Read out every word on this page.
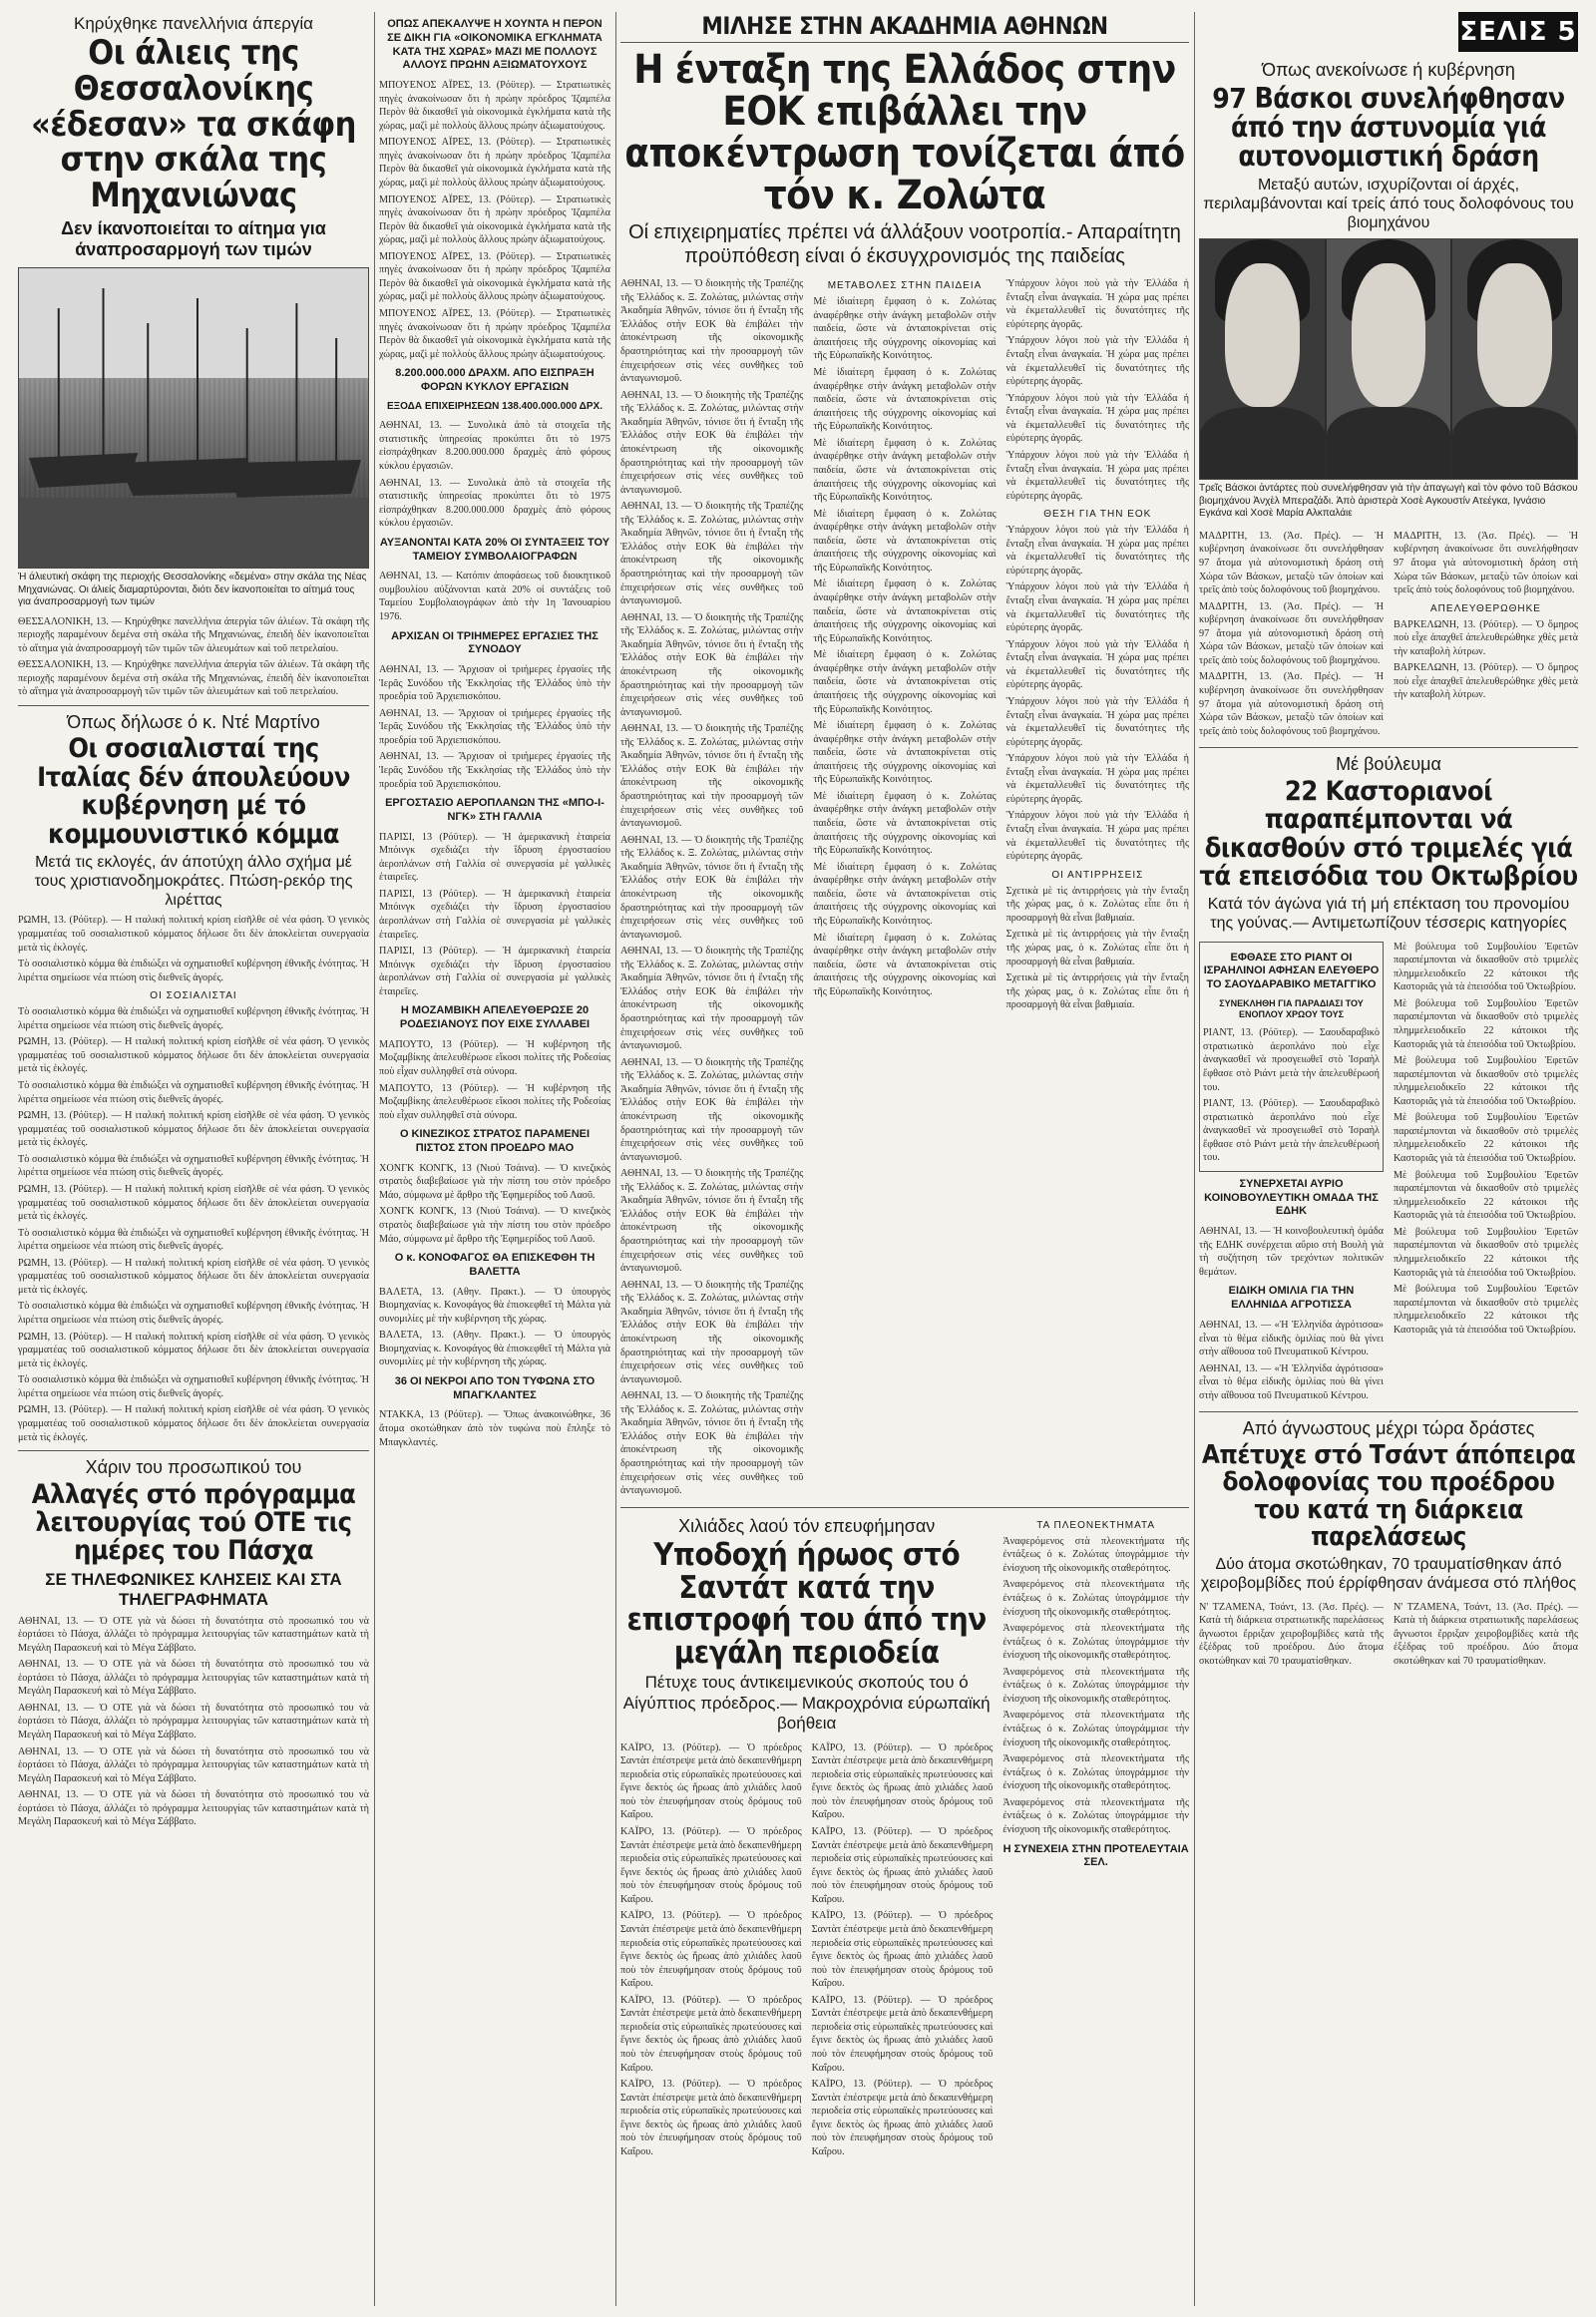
Κηρύχθηκε πανελλήνια άπεργία
Οι άλιεις της Θεσσαλονίκης «έδεσαν» τα σκάφη στην σκάλα της Μηχανιώνας
Δεν ίκανοποιείται το αίτημα για άναπροσαρμογή των τιμών
Ή άλιευτική σκάφη της περιοχής Θεσσαλονίκης «δεμένα» στην σκάλα της Νέας Μηχανιώνας. Οι άλιείς διαμαρτύρονται, διότι δεν ίκανοποιείται το αίτημά τους για άναπροσαρμογή των τιμών
ΘΕΣΣΑΛΟΝΙΚΗ, 13. — Κηρύχθηκε πανελλήνια άπεργία τῶν άλιέων. Τὰ σκάφη τῆς περιοχῆς παραμένουν δεμένα στὴ σκάλα τῆς Μηχανιώνας, ἐπειδὴ δὲν ίκανοποιεῖται τὸ αἴτημα γιὰ ἀναπροσαρμογὴ τῶν τιμῶν τῶν ἀλιευμάτων καὶ τοῦ πετρελαίου.
ΘΕΣΣΑΛΟΝΙΚΗ, 13. — Κηρύχθηκε πανελλήνια άπεργία τῶν άλιέων. Τὰ σκάφη τῆς περιοχῆς παραμένουν δεμένα στὴ σκάλα τῆς Μηχανιώνας, ἐπειδὴ δὲν ίκανοποιεῖται τὸ αἴτημα γιὰ ἀναπροσαρμογὴ τῶν τιμῶν τῶν ἀλιευμάτων καὶ τοῦ πετρελαίου.
Όπως δήλωσε ό κ. Ντέ Μαρτίνο
Οι σοσιαλισταί της Ιταλίας δέν άπουλεύουν κυβέρνηση μέ τό κομμουνιστικό κόμμα
Μετά τις εκλογές, άν άποτύχη άλλο σχήμα μέ τους χριστιανοδημοκράτες. Πτώση-ρεκόρ της λιρέττας
ΡΩΜΗ, 13. (Ρόϋτερ). — Η ιταλική πολιτική κρίση εἰσῆλθε σὲ νέα φάση. Ὁ γενικὸς γραμματέας τοῦ σοσιαλιστικοῦ κόμματος δήλωσε ὅτι δὲν ἀποκλείεται συνεργασία μετὰ τὶς ἐκλογές.
Τὸ σοσιαλιστικὸ κόμμα θὰ ἐπιδιώξει νὰ σχηματισθεῖ κυβέρνηση ἐθνικῆς ἑνότητας. Ἡ λιρέττα σημείωσε νέα πτώση στὶς διεθνεῖς ἀγορές.
ΟΙ ΣΟΣΙΑΛΙΣΤΑΙ
Τὸ σοσιαλιστικὸ κόμμα θὰ ἐπιδιώξει νὰ σχηματισθεῖ κυβέρνηση ἐθνικῆς ἑνότητας. Ἡ λιρέττα σημείωσε νέα πτώση στὶς διεθνεῖς ἀγορές.
ΡΩΜΗ, 13. (Ρόϋτερ). — Η ιταλική πολιτική κρίση εἰσῆλθε σὲ νέα φάση. Ὁ γενικὸς γραμματέας τοῦ σοσιαλιστικοῦ κόμματος δήλωσε ὅτι δὲν ἀποκλείεται συνεργασία μετὰ τὶς ἐκλογές.
Τὸ σοσιαλιστικὸ κόμμα θὰ ἐπιδιώξει νὰ σχηματισθεῖ κυβέρνηση ἐθνικῆς ἑνότητας. Ἡ λιρέττα σημείωσε νέα πτώση στὶς διεθνεῖς ἀγορές.
ΡΩΜΗ, 13. (Ρόϋτερ). — Η ιταλική πολιτική κρίση εἰσῆλθε σὲ νέα φάση. Ὁ γενικὸς γραμματέας τοῦ σοσιαλιστικοῦ κόμματος δήλωσε ὅτι δὲν ἀποκλείεται συνεργασία μετὰ τὶς ἐκλογές.
Τὸ σοσιαλιστικὸ κόμμα θὰ ἐπιδιώξει νὰ σχηματισθεῖ κυβέρνηση ἐθνικῆς ἑνότητας. Ἡ λιρέττα σημείωσε νέα πτώση στὶς διεθνεῖς ἀγορές.
ΡΩΜΗ, 13. (Ρόϋτερ). — Η ιταλική πολιτική κρίση εἰσῆλθε σὲ νέα φάση. Ὁ γενικὸς γραμματέας τοῦ σοσιαλιστικοῦ κόμματος δήλωσε ὅτι δὲν ἀποκλείεται συνεργασία μετὰ τὶς ἐκλογές.
Τὸ σοσιαλιστικὸ κόμμα θὰ ἐπιδιώξει νὰ σχηματισθεῖ κυβέρνηση ἐθνικῆς ἑνότητας. Ἡ λιρέττα σημείωσε νέα πτώση στὶς διεθνεῖς ἀγορές.
ΡΩΜΗ, 13. (Ρόϋτερ). — Η ιταλική πολιτική κρίση εἰσῆλθε σὲ νέα φάση. Ὁ γενικὸς γραμματέας τοῦ σοσιαλιστικοῦ κόμματος δήλωσε ὅτι δὲν ἀποκλείεται συνεργασία μετὰ τὶς ἐκλογές.
Τὸ σοσιαλιστικὸ κόμμα θὰ ἐπιδιώξει νὰ σχηματισθεῖ κυβέρνηση ἐθνικῆς ἑνότητας. Ἡ λιρέττα σημείωσε νέα πτώση στὶς διεθνεῖς ἀγορές.
ΡΩΜΗ, 13. (Ρόϋτερ). — Η ιταλική πολιτική κρίση εἰσῆλθε σὲ νέα φάση. Ὁ γενικὸς γραμματέας τοῦ σοσιαλιστικοῦ κόμματος δήλωσε ὅτι δὲν ἀποκλείεται συνεργασία μετὰ τὶς ἐκλογές.
Τὸ σοσιαλιστικὸ κόμμα θὰ ἐπιδιώξει νὰ σχηματισθεῖ κυβέρνηση ἐθνικῆς ἑνότητας. Ἡ λιρέττα σημείωσε νέα πτώση στὶς διεθνεῖς ἀγορές.
ΡΩΜΗ, 13. (Ρόϋτερ). — Η ιταλική πολιτική κρίση εἰσῆλθε σὲ νέα φάση. Ὁ γενικὸς γραμματέας τοῦ σοσιαλιστικοῦ κόμματος δήλωσε ὅτι δὲν ἀποκλείεται συνεργασία μετὰ τὶς ἐκλογές.
Χάριν του προσωπικού του
Αλλαγές στό πρόγραμμα λειτουργίας τού ΟΤΕ τις ημέρες του Πάσχα
ΣΕ ΤΗΛΕΦΩΝΙΚΕΣ ΚΛΗΣΕΙΣ ΚΑΙ ΣΤΑ ΤΗΛΕΓΡΑΦΗΜΑΤΑ
ΑΘΗΝΑΙ, 13. — Ὁ ΟΤΕ γιὰ νὰ δώσει τὴ δυνατότητα στὸ προσωπικό του νὰ ἑορτάσει τὸ Πάσχα, ἀλλάζει τὸ πρόγραμμα λειτουργίας τῶν καταστημάτων κατὰ τὴ Μεγάλη Παρασκευή καὶ τὸ Μέγα Σάββατο.
ΑΘΗΝΑΙ, 13. — Ὁ ΟΤΕ γιὰ νὰ δώσει τὴ δυνατότητα στὸ προσωπικό του νὰ ἑορτάσει τὸ Πάσχα, ἀλλάζει τὸ πρόγραμμα λειτουργίας τῶν καταστημάτων κατὰ τὴ Μεγάλη Παρασκευή καὶ τὸ Μέγα Σάββατο.
ΑΘΗΝΑΙ, 13. — Ὁ ΟΤΕ γιὰ νὰ δώσει τὴ δυνατότητα στὸ προσωπικό του νὰ ἑορτάσει τὸ Πάσχα, ἀλλάζει τὸ πρόγραμμα λειτουργίας τῶν καταστημάτων κατὰ τὴ Μεγάλη Παρασκευή καὶ τὸ Μέγα Σάββατο.
ΑΘΗΝΑΙ, 13. — Ὁ ΟΤΕ γιὰ νὰ δώσει τὴ δυνατότητα στὸ προσωπικό του νὰ ἑορτάσει τὸ Πάσχα, ἀλλάζει τὸ πρόγραμμα λειτουργίας τῶν καταστημάτων κατὰ τὴ Μεγάλη Παρασκευή καὶ τὸ Μέγα Σάββατο.
ΑΘΗΝΑΙ, 13. — Ὁ ΟΤΕ γιὰ νὰ δώσει τὴ δυνατότητα στὸ προσωπικό του νὰ ἑορτάσει τὸ Πάσχα, ἀλλάζει τὸ πρόγραμμα λειτουργίας τῶν καταστημάτων κατὰ τὴ Μεγάλη Παρασκευή καὶ τὸ Μέγα Σάββατο.
ΟΠΩΣ ΑΠΕΚΑΛΥΨΕ Η ΧΟΥΝΤΑ Η ΠΕΡΟΝ ΣΕ ΔΙΚΗ ΓΙΑ «ΟΙΚΟΝΟΜΙΚΑ ΕΓΚΛΗΜΑΤΑ ΚΑΤΑ ΤΗΣ ΧΩΡΑΣ» ΜΑΖΙ ΜΕ ΠΟΛΛΟΥΣ ΑΛΛΟΥΣ ΠΡΩΗΝ ΑΞΙΩΜΑΤΟΥΧΟΥΣ
ΜΠΟΥΕΝΟΣ ΑΪΡΕΣ, 13. (Ρόϋτερ). — Στρατιωτικὲς πηγὲς ἀνακοίνωσαν ὅτι ἡ πρώην πρόεδρος Ἰζαμπέλα Περὸν θὰ δικασθεῖ γιὰ οἰκονομικὰ ἐγκλήματα κατὰ τῆς χώρας, μαζὶ μὲ πολλοὺς ἄλλους πρώην ἀξιωματούχους.
ΜΠΟΥΕΝΟΣ ΑΪΡΕΣ, 13. (Ρόϋτερ). — Στρατιωτικὲς πηγὲς ἀνακοίνωσαν ὅτι ἡ πρώην πρόεδρος Ἰζαμπέλα Περὸν θὰ δικασθεῖ γιὰ οἰκονομικὰ ἐγκλήματα κατὰ τῆς χώρας, μαζὶ μὲ πολλοὺς ἄλλους πρώην ἀξιωματούχους.
ΜΠΟΥΕΝΟΣ ΑΪΡΕΣ, 13. (Ρόϋτερ). — Στρατιωτικὲς πηγὲς ἀνακοίνωσαν ὅτι ἡ πρώην πρόεδρος Ἰζαμπέλα Περὸν θὰ δικασθεῖ γιὰ οἰκονομικὰ ἐγκλήματα κατὰ τῆς χώρας, μαζὶ μὲ πολλοὺς ἄλλους πρώην ἀξιωματούχους.
ΜΠΟΥΕΝΟΣ ΑΪΡΕΣ, 13. (Ρόϋτερ). — Στρατιωτικὲς πηγὲς ἀνακοίνωσαν ὅτι ἡ πρώην πρόεδρος Ἰζαμπέλα Περὸν θὰ δικασθεῖ γιὰ οἰκονομικὰ ἐγκλήματα κατὰ τῆς χώρας, μαζὶ μὲ πολλοὺς ἄλλους πρώην ἀξιωματούχους.
ΜΠΟΥΕΝΟΣ ΑΪΡΕΣ, 13. (Ρόϋτερ). — Στρατιωτικὲς πηγὲς ἀνακοίνωσαν ὅτι ἡ πρώην πρόεδρος Ἰζαμπέλα Περὸν θὰ δικασθεῖ γιὰ οἰκονομικὰ ἐγκλήματα κατὰ τῆς χώρας, μαζὶ μὲ πολλοὺς ἄλλους πρώην ἀξιωματούχους.
8.200.000.000 ΔΡΑΧΜ. ΑΠΟ ΕΙΣΠΡΑΞΗ ΦΟΡΩΝ ΚΥΚΛΟΥ ΕΡΓΑΣΙΩΝ
ΕΞΟΔΑ ΕΠΙΧΕΙΡΗΣΕΩΝ 138.400.000.000 ΔΡΧ.
ΑΘΗΝΑΙ, 13. — Συνολικὰ ἀπὸ τὰ στοιχεῖα τῆς στατιστικῆς ὑπηρεσίας προκύπτει ὅτι τὸ 1975 εἰσπράχθηκαν 8.200.000.000 δραχμὲς ἀπὸ φόρους κύκλου ἐργασιῶν.
ΑΘΗΝΑΙ, 13. — Συνολικὰ ἀπὸ τὰ στοιχεῖα τῆς στατιστικῆς ὑπηρεσίας προκύπτει ὅτι τὸ 1975 εἰσπράχθηκαν 8.200.000.000 δραχμὲς ἀπὸ φόρους κύκλου ἐργασιῶν.
ΑΥΞΑΝΟΝΤΑΙ ΚΑΤΑ 20% ΟΙ ΣΥΝΤΑΞΕΙΣ ΤΟΥ ΤΑΜΕΙΟΥ ΣΥΜΒΟΛΑΙΟΓΡΑΦΩΝ
ΑΘΗΝΑΙ, 13. — Κατόπιν ἀποφάσεως τοῦ διοικητικοῦ συμβουλίου αὐξάνονται κατὰ 20% οἱ συντάξεις τοῦ Ταμείου Συμβολαιογράφων ἀπὸ τὴν 1η Ἰανουαρίου 1976.
ΑΡΧΙΣΑΝ ΟΙ ΤΡΙΗΜΕΡΕΣ ΕΡΓΑΣΙΕΣ ΤΗΣ ΣΥΝΟΔΟΥ
ΑΘΗΝΑΙ, 13. — Ἄρχισαν οἱ τριήμερες ἐργασίες τῆς Ἱερᾶς Συνόδου τῆς Ἐκκλησίας τῆς Ἑλλάδος ὑπὸ τὴν προεδρία τοῦ Ἀρχιεπισκόπου.
ΑΘΗΝΑΙ, 13. — Ἄρχισαν οἱ τριήμερες ἐργασίες τῆς Ἱερᾶς Συνόδου τῆς Ἐκκλησίας τῆς Ἑλλάδος ὑπὸ τὴν προεδρία τοῦ Ἀρχιεπισκόπου.
ΑΘΗΝΑΙ, 13. — Ἄρχισαν οἱ τριήμερες ἐργασίες τῆς Ἱερᾶς Συνόδου τῆς Ἐκκλησίας τῆς Ἑλλάδος ὑπὸ τὴν προεδρία τοῦ Ἀρχιεπισκόπου.
ΕΡΓΟΣΤΑΣΙΟ ΑΕΡΟΠΛΑΝΩΝ ΤΗΣ «ΜΠΟ-Ι-ΝΓΚ» ΣΤΗ ΓΑΛΛΙΑ
ΠΑΡΙΣΙ, 13 (Ρόϋτερ). — Ἡ ἀμερικανικὴ ἑταιρεία Μπόινγκ σχεδιάζει τὴν ἵδρυση ἐργοστασίου ἀεροπλάνων στὴ Γαλλία σὲ συνεργασία μὲ γαλλικὲς ἑταιρεῖες.
ΠΑΡΙΣΙ, 13 (Ρόϋτερ). — Ἡ ἀμερικανικὴ ἑταιρεία Μπόινγκ σχεδιάζει τὴν ἵδρυση ἐργοστασίου ἀεροπλάνων στὴ Γαλλία σὲ συνεργασία μὲ γαλλικὲς ἑταιρεῖες.
ΠΑΡΙΣΙ, 13 (Ρόϋτερ). — Ἡ ἀμερικανικὴ ἑταιρεία Μπόινγκ σχεδιάζει τὴν ἵδρυση ἐργοστασίου ἀεροπλάνων στὴ Γαλλία σὲ συνεργασία μὲ γαλλικὲς ἑταιρεῖες.
Η ΜΟΖΑΜΒΙΚΗ ΑΠΕΛΕΥΘΕΡΩΣΕ 20 ΡΟΔΕΣΙΑΝΟΥΣ ΠΟΥ ΕΙΧΕ ΣΥΛΛΑΒΕΙ
ΜΑΠΟΥΤΟ, 13 (Ρόϋτερ). — Ἡ κυβέρνηση τῆς Μοζαμβίκης ἀπελευθέρωσε εἴκοσι πολίτες τῆς Ροδεσίας ποὺ εἶχαν συλληφθεῖ στὰ σύνορα.
ΜΑΠΟΥΤΟ, 13 (Ρόϋτερ). — Ἡ κυβέρνηση τῆς Μοζαμβίκης ἀπελευθέρωσε εἴκοσι πολίτες τῆς Ροδεσίας ποὺ εἶχαν συλληφθεῖ στὰ σύνορα.
Ο ΚΙΝΕΖΙΚΟΣ ΣΤΡΑΤΟΣ ΠΑΡΑΜΕΝΕΙ ΠΙΣΤΟΣ ΣΤΟΝ ΠΡΟΕΔΡΟ ΜΑΟ
ΧΟΝΓΚ ΚΟΝΓΚ, 13 (Νιού Τσάινα). — Ὁ κινεζικὸς στρατὸς διαβεβαίωσε γιὰ τὴν πίστη του στὸν πρόεδρο Μάο, σύμφωνα μὲ ἄρθρο τῆς Ἐφημερίδος τοῦ Λαοῦ.
ΧΟΝΓΚ ΚΟΝΓΚ, 13 (Νιού Τσάινα). — Ὁ κινεζικὸς στρατὸς διαβεβαίωσε γιὰ τὴν πίστη του στὸν πρόεδρο Μάο, σύμφωνα μὲ ἄρθρο τῆς Ἐφημερίδος τοῦ Λαοῦ.
Ο κ. ΚΟΝΟΦΑΓΟΣ ΘΑ ΕΠΙΣΚΕΦΘΗ ΤΗ ΒΑΛΕΤΤΑ
ΒΑΛΕΤΑ, 13. (Αθην. Πρακτ.). — Ὁ ὑπουργὸς Βιομηχανίας κ. Κονοφάγος θὰ ἐπισκεφθεῖ τὴ Μάλτα γιὰ συνομιλίες μὲ τὴν κυβέρνηση τῆς χώρας.
ΒΑΛΕΤΑ, 13. (Αθην. Πρακτ.). — Ὁ ὑπουργὸς Βιομηχανίας κ. Κονοφάγος θὰ ἐπισκεφθεῖ τὴ Μάλτα γιὰ συνομιλίες μὲ τὴν κυβέρνηση τῆς χώρας.
36 ΟΙ ΝΕΚΡΟΙ ΑΠΟ ΤΟΝ ΤΥΦΩΝΑ ΣΤΟ ΜΠΑΓΚΛΑΝΤΕΣ
ΝΤΑΚΚΑ, 13 (Ρόϋτερ). — Ὅπως ἀνακοινώθηκε, 36 ἄτομα σκοτώθηκαν ἀπὸ τὸν τυφώνα ποὺ ἔπληξε τὸ Μπαγκλαντές.
ΜΙΛΗΣΕ ΣΤΗΝ ΑΚΑΔΗΜΙΑ ΑΘΗΝΩΝ
Η ένταξη της Ελλάδος στην ΕΟΚ επιβάλλει την αποκέντρωση τονίζεται άπό τόν κ. Ζολώτα
Οί επιχειρηματίες πρέπει νά άλλάξουν νοοτροπία.- Απαραίτητη προϋπόθεση είναι ό έκσυγχρονισμός της παιδείας
ΑΘΗΝΑΙ, 13. — Ὁ διοικητὴς τῆς Τραπέζης τῆς Ἑλλάδος κ. Ξ. Ζολώτας, μιλώντας στὴν Ἀκαδημία Ἀθηνῶν, τόνισε ὅτι ἡ ἔνταξη τῆς Ἑλλάδος στὴν ΕΟΚ θὰ ἐπιβάλει τὴν ἀποκέντρωση τῆς οἰκονομικῆς δραστηριότητας καὶ τὴν προσαρμογὴ τῶν ἐπιχειρήσεων στὶς νέες συνθῆκες τοῦ ἀνταγωνισμοῦ.
ΑΘΗΝΑΙ, 13. — Ὁ διοικητὴς τῆς Τραπέζης τῆς Ἑλλάδος κ. Ξ. Ζολώτας, μιλώντας στὴν Ἀκαδημία Ἀθηνῶν, τόνισε ὅτι ἡ ἔνταξη τῆς Ἑλλάδος στὴν ΕΟΚ θὰ ἐπιβάλει τὴν ἀποκέντρωση τῆς οἰκονομικῆς δραστηριότητας καὶ τὴν προσαρμογὴ τῶν ἐπιχειρήσεων στὶς νέες συνθῆκες τοῦ ἀνταγωνισμοῦ.
ΑΘΗΝΑΙ, 13. — Ὁ διοικητὴς τῆς Τραπέζης τῆς Ἑλλάδος κ. Ξ. Ζολώτας, μιλώντας στὴν Ἀκαδημία Ἀθηνῶν, τόνισε ὅτι ἡ ἔνταξη τῆς Ἑλλάδος στὴν ΕΟΚ θὰ ἐπιβάλει τὴν ἀποκέντρωση τῆς οἰκονομικῆς δραστηριότητας καὶ τὴν προσαρμογὴ τῶν ἐπιχειρήσεων στὶς νέες συνθῆκες τοῦ ἀνταγωνισμοῦ.
ΑΘΗΝΑΙ, 13. — Ὁ διοικητὴς τῆς Τραπέζης τῆς Ἑλλάδος κ. Ξ. Ζολώτας, μιλώντας στὴν Ἀκαδημία Ἀθηνῶν, τόνισε ὅτι ἡ ἔνταξη τῆς Ἑλλάδος στὴν ΕΟΚ θὰ ἐπιβάλει τὴν ἀποκέντρωση τῆς οἰκονομικῆς δραστηριότητας καὶ τὴν προσαρμογὴ τῶν ἐπιχειρήσεων στὶς νέες συνθῆκες τοῦ ἀνταγωνισμοῦ.
ΑΘΗΝΑΙ, 13. — Ὁ διοικητὴς τῆς Τραπέζης τῆς Ἑλλάδος κ. Ξ. Ζολώτας, μιλώντας στὴν Ἀκαδημία Ἀθηνῶν, τόνισε ὅτι ἡ ἔνταξη τῆς Ἑλλάδος στὴν ΕΟΚ θὰ ἐπιβάλει τὴν ἀποκέντρωση τῆς οἰκονομικῆς δραστηριότητας καὶ τὴν προσαρμογὴ τῶν ἐπιχειρήσεων στὶς νέες συνθῆκες τοῦ ἀνταγωνισμοῦ.
ΑΘΗΝΑΙ, 13. — Ὁ διοικητὴς τῆς Τραπέζης τῆς Ἑλλάδος κ. Ξ. Ζολώτας, μιλώντας στὴν Ἀκαδημία Ἀθηνῶν, τόνισε ὅτι ἡ ἔνταξη τῆς Ἑλλάδος στὴν ΕΟΚ θὰ ἐπιβάλει τὴν ἀποκέντρωση τῆς οἰκονομικῆς δραστηριότητας καὶ τὴν προσαρμογὴ τῶν ἐπιχειρήσεων στὶς νέες συνθῆκες τοῦ ἀνταγωνισμοῦ.
ΑΘΗΝΑΙ, 13. — Ὁ διοικητὴς τῆς Τραπέζης τῆς Ἑλλάδος κ. Ξ. Ζολώτας, μιλώντας στὴν Ἀκαδημία Ἀθηνῶν, τόνισε ὅτι ἡ ἔνταξη τῆς Ἑλλάδος στὴν ΕΟΚ θὰ ἐπιβάλει τὴν ἀποκέντρωση τῆς οἰκονομικῆς δραστηριότητας καὶ τὴν προσαρμογὴ τῶν ἐπιχειρήσεων στὶς νέες συνθῆκες τοῦ ἀνταγωνισμοῦ.
ΑΘΗΝΑΙ, 13. — Ὁ διοικητὴς τῆς Τραπέζης τῆς Ἑλλάδος κ. Ξ. Ζολώτας, μιλώντας στὴν Ἀκαδημία Ἀθηνῶν, τόνισε ὅτι ἡ ἔνταξη τῆς Ἑλλάδος στὴν ΕΟΚ θὰ ἐπιβάλει τὴν ἀποκέντρωση τῆς οἰκονομικῆς δραστηριότητας καὶ τὴν προσαρμογὴ τῶν ἐπιχειρήσεων στὶς νέες συνθῆκες τοῦ ἀνταγωνισμοῦ.
ΑΘΗΝΑΙ, 13. — Ὁ διοικητὴς τῆς Τραπέζης τῆς Ἑλλάδος κ. Ξ. Ζολώτας, μιλώντας στὴν Ἀκαδημία Ἀθηνῶν, τόνισε ὅτι ἡ ἔνταξη τῆς Ἑλλάδος στὴν ΕΟΚ θὰ ἐπιβάλει τὴν ἀποκέντρωση τῆς οἰκονομικῆς δραστηριότητας καὶ τὴν προσαρμογὴ τῶν ἐπιχειρήσεων στὶς νέες συνθῆκες τοῦ ἀνταγωνισμοῦ.
ΑΘΗΝΑΙ, 13. — Ὁ διοικητὴς τῆς Τραπέζης τῆς Ἑλλάδος κ. Ξ. Ζολώτας, μιλώντας στὴν Ἀκαδημία Ἀθηνῶν, τόνισε ὅτι ἡ ἔνταξη τῆς Ἑλλάδος στὴν ΕΟΚ θὰ ἐπιβάλει τὴν ἀποκέντρωση τῆς οἰκονομικῆς δραστηριότητας καὶ τὴν προσαρμογὴ τῶν ἐπιχειρήσεων στὶς νέες συνθῆκες τοῦ ἀνταγωνισμοῦ.
ΑΘΗΝΑΙ, 13. — Ὁ διοικητὴς τῆς Τραπέζης τῆς Ἑλλάδος κ. Ξ. Ζολώτας, μιλώντας στὴν Ἀκαδημία Ἀθηνῶν, τόνισε ὅτι ἡ ἔνταξη τῆς Ἑλλάδος στὴν ΕΟΚ θὰ ἐπιβάλει τὴν ἀποκέντρωση τῆς οἰκονομικῆς δραστηριότητας καὶ τὴν προσαρμογὴ τῶν ἐπιχειρήσεων στὶς νέες συνθῆκες τοῦ ἀνταγωνισμοῦ.
ΜΕΤΑΒΟΛΕΣ ΣΤΗΝ ΠΑΙΔΕΙΑ
Μὲ ἰδιαίτερη ἔμφαση ὁ κ. Ζολώτας ἀναφέρθηκε στὴν ἀνάγκη μεταβολῶν στὴν παιδεία, ὥστε νὰ ἀνταποκρίνεται στὶς ἀπαιτήσεις τῆς σύγχρονης οἰκονομίας καὶ τῆς Εὐρωπαϊκῆς Κοινότητος.
Μὲ ἰδιαίτερη ἔμφαση ὁ κ. Ζολώτας ἀναφέρθηκε στὴν ἀνάγκη μεταβολῶν στὴν παιδεία, ὥστε νὰ ἀνταποκρίνεται στὶς ἀπαιτήσεις τῆς σύγχρονης οἰκονομίας καὶ τῆς Εὐρωπαϊκῆς Κοινότητος.
Μὲ ἰδιαίτερη ἔμφαση ὁ κ. Ζολώτας ἀναφέρθηκε στὴν ἀνάγκη μεταβολῶν στὴν παιδεία, ὥστε νὰ ἀνταποκρίνεται στὶς ἀπαιτήσεις τῆς σύγχρονης οἰκονομίας καὶ τῆς Εὐρωπαϊκῆς Κοινότητος.
Μὲ ἰδιαίτερη ἔμφαση ὁ κ. Ζολώτας ἀναφέρθηκε στὴν ἀνάγκη μεταβολῶν στὴν παιδεία, ὥστε νὰ ἀνταποκρίνεται στὶς ἀπαιτήσεις τῆς σύγχρονης οἰκονομίας καὶ τῆς Εὐρωπαϊκῆς Κοινότητος.
Μὲ ἰδιαίτερη ἔμφαση ὁ κ. Ζολώτας ἀναφέρθηκε στὴν ἀνάγκη μεταβολῶν στὴν παιδεία, ὥστε νὰ ἀνταποκρίνεται στὶς ἀπαιτήσεις τῆς σύγχρονης οἰκονομίας καὶ τῆς Εὐρωπαϊκῆς Κοινότητος.
Μὲ ἰδιαίτερη ἔμφαση ὁ κ. Ζολώτας ἀναφέρθηκε στὴν ἀνάγκη μεταβολῶν στὴν παιδεία, ὥστε νὰ ἀνταποκρίνεται στὶς ἀπαιτήσεις τῆς σύγχρονης οἰκονομίας καὶ τῆς Εὐρωπαϊκῆς Κοινότητος.
Μὲ ἰδιαίτερη ἔμφαση ὁ κ. Ζολώτας ἀναφέρθηκε στὴν ἀνάγκη μεταβολῶν στὴν παιδεία, ὥστε νὰ ἀνταποκρίνεται στὶς ἀπαιτήσεις τῆς σύγχρονης οἰκονομίας καὶ τῆς Εὐρωπαϊκῆς Κοινότητος.
Μὲ ἰδιαίτερη ἔμφαση ὁ κ. Ζολώτας ἀναφέρθηκε στὴν ἀνάγκη μεταβολῶν στὴν παιδεία, ὥστε νὰ ἀνταποκρίνεται στὶς ἀπαιτήσεις τῆς σύγχρονης οἰκονομίας καὶ τῆς Εὐρωπαϊκῆς Κοινότητος.
Μὲ ἰδιαίτερη ἔμφαση ὁ κ. Ζολώτας ἀναφέρθηκε στὴν ἀνάγκη μεταβολῶν στὴν παιδεία, ὥστε νὰ ἀνταποκρίνεται στὶς ἀπαιτήσεις τῆς σύγχρονης οἰκονομίας καὶ τῆς Εὐρωπαϊκῆς Κοινότητος.
Μὲ ἰδιαίτερη ἔμφαση ὁ κ. Ζολώτας ἀναφέρθηκε στὴν ἀνάγκη μεταβολῶν στὴν παιδεία, ὥστε νὰ ἀνταποκρίνεται στὶς ἀπαιτήσεις τῆς σύγχρονης οἰκονομίας καὶ τῆς Εὐρωπαϊκῆς Κοινότητος.
Ὑπάρχουν λόγοι ποὺ γιὰ τὴν Ἑλλάδα ἡ ἔνταξη εἶναι ἀναγκαία. Ἡ χώρα μας πρέπει νὰ ἐκμεταλλευθεῖ τὶς δυνατότητες τῆς εὐρύτερης ἀγορᾶς.
Ὑπάρχουν λόγοι ποὺ γιὰ τὴν Ἑλλάδα ἡ ἔνταξη εἶναι ἀναγκαία. Ἡ χώρα μας πρέπει νὰ ἐκμεταλλευθεῖ τὶς δυνατότητες τῆς εὐρύτερης ἀγορᾶς.
Ὑπάρχουν λόγοι ποὺ γιὰ τὴν Ἑλλάδα ἡ ἔνταξη εἶναι ἀναγκαία. Ἡ χώρα μας πρέπει νὰ ἐκμεταλλευθεῖ τὶς δυνατότητες τῆς εὐρύτερης ἀγορᾶς.
Ὑπάρχουν λόγοι ποὺ γιὰ τὴν Ἑλλάδα ἡ ἔνταξη εἶναι ἀναγκαία. Ἡ χώρα μας πρέπει νὰ ἐκμεταλλευθεῖ τὶς δυνατότητες τῆς εὐρύτερης ἀγορᾶς.
ΘΕΣΗ ΓΙΑ ΤΗΝ ΕΟΚ
Ὑπάρχουν λόγοι ποὺ γιὰ τὴν Ἑλλάδα ἡ ἔνταξη εἶναι ἀναγκαία. Ἡ χώρα μας πρέπει νὰ ἐκμεταλλευθεῖ τὶς δυνατότητες τῆς εὐρύτερης ἀγορᾶς.
Ὑπάρχουν λόγοι ποὺ γιὰ τὴν Ἑλλάδα ἡ ἔνταξη εἶναι ἀναγκαία. Ἡ χώρα μας πρέπει νὰ ἐκμεταλλευθεῖ τὶς δυνατότητες τῆς εὐρύτερης ἀγορᾶς.
Ὑπάρχουν λόγοι ποὺ γιὰ τὴν Ἑλλάδα ἡ ἔνταξη εἶναι ἀναγκαία. Ἡ χώρα μας πρέπει νὰ ἐκμεταλλευθεῖ τὶς δυνατότητες τῆς εὐρύτερης ἀγορᾶς.
Ὑπάρχουν λόγοι ποὺ γιὰ τὴν Ἑλλάδα ἡ ἔνταξη εἶναι ἀναγκαία. Ἡ χώρα μας πρέπει νὰ ἐκμεταλλευθεῖ τὶς δυνατότητες τῆς εὐρύτερης ἀγορᾶς.
Ὑπάρχουν λόγοι ποὺ γιὰ τὴν Ἑλλάδα ἡ ἔνταξη εἶναι ἀναγκαία. Ἡ χώρα μας πρέπει νὰ ἐκμεταλλευθεῖ τὶς δυνατότητες τῆς εὐρύτερης ἀγορᾶς.
Ὑπάρχουν λόγοι ποὺ γιὰ τὴν Ἑλλάδα ἡ ἔνταξη εἶναι ἀναγκαία. Ἡ χώρα μας πρέπει νὰ ἐκμεταλλευθεῖ τὶς δυνατότητες τῆς εὐρύτερης ἀγορᾶς.
ΟΙ ΑΝΤΙΡΡΗΣΕΙΣ
Σχετικὰ μὲ τὶς ἀντιρρήσεις γιὰ τὴν ἔνταξη τῆς χώρας μας, ὁ κ. Ζολώτας εἶπε ὅτι ἡ προσαρμογὴ θὰ εἶναι βαθμιαία.
Σχετικὰ μὲ τὶς ἀντιρρήσεις γιὰ τὴν ἔνταξη τῆς χώρας μας, ὁ κ. Ζολώτας εἶπε ὅτι ἡ προσαρμογὴ θὰ εἶναι βαθμιαία.
Σχετικὰ μὲ τὶς ἀντιρρήσεις γιὰ τὴν ἔνταξη τῆς χώρας μας, ὁ κ. Ζολώτας εἶπε ὅτι ἡ προσαρμογὴ θὰ εἶναι βαθμιαία.
Χιλιάδες λαού τόν επευφήμησαν
Υποδοχή ήρωος στό Σαντάτ κατά την επιστροφή του άπό την μεγάλη περιοδεία
Πέτυχε τους άντικειμενικούς σκοπούς του ό Αίγύπτιος πρόεδρος.— Μακροχρόνια εύρωπαϊκή βοήθεια
ΚΑΪΡΟ, 13. (Ρόϋτερ). — Ὁ πρόεδρος Σαντὰτ ἐπέστρεψε μετὰ ἀπὸ δεκαπενθήμερη περιοδεία στὶς εὐρωπαϊκὲς πρωτεύουσες καὶ ἔγινε δεκτὸς ὡς ἥρωας ἀπὸ χιλιάδες λαοῦ ποὺ τὸν ἐπευφήμησαν στοὺς δρόμους τοῦ Καΐρου.
ΚΑΪΡΟ, 13. (Ρόϋτερ). — Ὁ πρόεδρος Σαντὰτ ἐπέστρεψε μετὰ ἀπὸ δεκαπενθήμερη περιοδεία στὶς εὐρωπαϊκὲς πρωτεύουσες καὶ ἔγινε δεκτὸς ὡς ἥρωας ἀπὸ χιλιάδες λαοῦ ποὺ τὸν ἐπευφήμησαν στοὺς δρόμους τοῦ Καΐρου.
ΚΑΪΡΟ, 13. (Ρόϋτερ). — Ὁ πρόεδρος Σαντὰτ ἐπέστρεψε μετὰ ἀπὸ δεκαπενθήμερη περιοδεία στὶς εὐρωπαϊκὲς πρωτεύουσες καὶ ἔγινε δεκτὸς ὡς ἥρωας ἀπὸ χιλιάδες λαοῦ ποὺ τὸν ἐπευφήμησαν στοὺς δρόμους τοῦ Καΐρου.
ΚΑΪΡΟ, 13. (Ρόϋτερ). — Ὁ πρόεδρος Σαντὰτ ἐπέστρεψε μετὰ ἀπὸ δεκαπενθήμερη περιοδεία στὶς εὐρωπαϊκὲς πρωτεύουσες καὶ ἔγινε δεκτὸς ὡς ἥρωας ἀπὸ χιλιάδες λαοῦ ποὺ τὸν ἐπευφήμησαν στοὺς δρόμους τοῦ Καΐρου.
ΚΑΪΡΟ, 13. (Ρόϋτερ). — Ὁ πρόεδρος Σαντὰτ ἐπέστρεψε μετὰ ἀπὸ δεκαπενθήμερη περιοδεία στὶς εὐρωπαϊκὲς πρωτεύουσες καὶ ἔγινε δεκτὸς ὡς ἥρωας ἀπὸ χιλιάδες λαοῦ ποὺ τὸν ἐπευφήμησαν στοὺς δρόμους τοῦ Καΐρου.
ΚΑΪΡΟ, 13. (Ρόϋτερ). — Ὁ πρόεδρος Σαντὰτ ἐπέστρεψε μετὰ ἀπὸ δεκαπενθήμερη περιοδεία στὶς εὐρωπαϊκὲς πρωτεύουσες καὶ ἔγινε δεκτὸς ὡς ἥρωας ἀπὸ χιλιάδες λαοῦ ποὺ τὸν ἐπευφήμησαν στοὺς δρόμους τοῦ Καΐρου.
ΚΑΪΡΟ, 13. (Ρόϋτερ). — Ὁ πρόεδρος Σαντὰτ ἐπέστρεψε μετὰ ἀπὸ δεκαπενθήμερη περιοδεία στὶς εὐρωπαϊκὲς πρωτεύουσες καὶ ἔγινε δεκτὸς ὡς ἥρωας ἀπὸ χιλιάδες λαοῦ ποὺ τὸν ἐπευφήμησαν στοὺς δρόμους τοῦ Καΐρου.
ΚΑΪΡΟ, 13. (Ρόϋτερ). — Ὁ πρόεδρος Σαντὰτ ἐπέστρεψε μετὰ ἀπὸ δεκαπενθήμερη περιοδεία στὶς εὐρωπαϊκὲς πρωτεύουσες καὶ ἔγινε δεκτὸς ὡς ἥρωας ἀπὸ χιλιάδες λαοῦ ποὺ τὸν ἐπευφήμησαν στοὺς δρόμους τοῦ Καΐρου.
ΚΑΪΡΟ, 13. (Ρόϋτερ). — Ὁ πρόεδρος Σαντὰτ ἐπέστρεψε μετὰ ἀπὸ δεκαπενθήμερη περιοδεία στὶς εὐρωπαϊκὲς πρωτεύουσες καὶ ἔγινε δεκτὸς ὡς ἥρωας ἀπὸ χιλιάδες λαοῦ ποὺ τὸν ἐπευφήμησαν στοὺς δρόμους τοῦ Καΐρου.
ΚΑΪΡΟ, 13. (Ρόϋτερ). — Ὁ πρόεδρος Σαντὰτ ἐπέστρεψε μετὰ ἀπὸ δεκαπενθήμερη περιοδεία στὶς εὐρωπαϊκὲς πρωτεύουσες καὶ ἔγινε δεκτὸς ὡς ἥρωας ἀπὸ χιλιάδες λαοῦ ποὺ τὸν ἐπευφήμησαν στοὺς δρόμους τοῦ Καΐρου.
ΤΑ ΠΛΕΟΝΕΚΤΗΜΑΤΑ
Ἀναφερόμενος στὰ πλεονεκτήματα τῆς ἐντάξεως ὁ κ. Ζολώτας ὑπογράμμισε τὴν ἐνίσχυση τῆς οἰκονομικῆς σταθερότητος.
Ἀναφερόμενος στὰ πλεονεκτήματα τῆς ἐντάξεως ὁ κ. Ζολώτας ὑπογράμμισε τὴν ἐνίσχυση τῆς οἰκονομικῆς σταθερότητος.
Ἀναφερόμενος στὰ πλεονεκτήματα τῆς ἐντάξεως ὁ κ. Ζολώτας ὑπογράμμισε τὴν ἐνίσχυση τῆς οἰκονομικῆς σταθερότητος.
Ἀναφερόμενος στὰ πλεονεκτήματα τῆς ἐντάξεως ὁ κ. Ζολώτας ὑπογράμμισε τὴν ἐνίσχυση τῆς οἰκονομικῆς σταθερότητος.
Ἀναφερόμενος στὰ πλεονεκτήματα τῆς ἐντάξεως ὁ κ. Ζολώτας ὑπογράμμισε τὴν ἐνίσχυση τῆς οἰκονομικῆς σταθερότητος.
Ἀναφερόμενος στὰ πλεονεκτήματα τῆς ἐντάξεως ὁ κ. Ζολώτας ὑπογράμμισε τὴν ἐνίσχυση τῆς οἰκονομικῆς σταθερότητος.
Ἀναφερόμενος στὰ πλεονεκτήματα τῆς ἐντάξεως ὁ κ. Ζολώτας ὑπογράμμισε τὴν ἐνίσχυση τῆς οἰκονομικῆς σταθερότητος.
Η ΣΥΝΕΧΕΙΑ ΣΤΗΝ ΠΡΟΤΕΛΕΥΤΑΙΑ ΣΕΛ.
ΣΕΛΙΣ 5
Όπως ανεκοίνωσε ή κυβέρνηση
97 Βάσκοι συνελήφθησαν άπό την άστυνομία γιά αυτονομιστική δράση
Μεταξύ αυτών, ισχυρίζονται οί άρχές, περιλαμβάνονται καί τρείς άπό τους δολοφόνους του βιομηχάνου
Τρεῖς Βάσκοι ἀντάρτες ποὺ συνελήφθησαν γιὰ τὴν ἀπαγωγὴ καὶ τὸν φόνο τοῦ Βάσκου βιομηχάνου Ἀνχὲλ Μπεραζάδι. Ἀπὸ ἀριστερὰ Χοσὲ Αγκουστίν Ατεέγκα, Ιγνάσιο Εγκάνα καὶ Χοσὲ Μαρία Αλκπαλάιε
ΜΑΔΡΙΤΗ, 13. (Ἀσ. Πρές). — Ἡ κυβέρνηση ἀνακοίνωσε ὅτι συνελήφθησαν 97 ἄτομα γιὰ αὐτονομιστικὴ δράση στὴ Χώρα τῶν Βάσκων, μεταξὺ τῶν ὁποίων καὶ τρεῖς ἀπὸ τοὺς δολοφόνους τοῦ βιομηχάνου.
ΜΑΔΡΙΤΗ, 13. (Ἀσ. Πρές). — Ἡ κυβέρνηση ἀνακοίνωσε ὅτι συνελήφθησαν 97 ἄτομα γιὰ αὐτονομιστικὴ δράση στὴ Χώρα τῶν Βάσκων, μεταξὺ τῶν ὁποίων καὶ τρεῖς ἀπὸ τοὺς δολοφόνους τοῦ βιομηχάνου.
ΜΑΔΡΙΤΗ, 13. (Ἀσ. Πρές). — Ἡ κυβέρνηση ἀνακοίνωσε ὅτι συνελήφθησαν 97 ἄτομα γιὰ αὐτονομιστικὴ δράση στὴ Χώρα τῶν Βάσκων, μεταξὺ τῶν ὁποίων καὶ τρεῖς ἀπὸ τοὺς δολοφόνους τοῦ βιομηχάνου.
ΜΑΔΡΙΤΗ, 13. (Ἀσ. Πρές). — Ἡ κυβέρνηση ἀνακοίνωσε ὅτι συνελήφθησαν 97 ἄτομα γιὰ αὐτονομιστικὴ δράση στὴ Χώρα τῶν Βάσκων, μεταξὺ τῶν ὁποίων καὶ τρεῖς ἀπὸ τοὺς δολοφόνους τοῦ βιομηχάνου.
ΑΠΕΛΕΥΘΕΡΩΘΗΚΕ
ΒΑΡΚΕΛΩΝΗ, 13. (Ρόϋτερ). — Ὁ ὅμηρος ποὺ εἶχε ἀπαχθεῖ ἀπελευθερώθηκε χθὲς μετὰ τὴν καταβολὴ λύτρων.
ΒΑΡΚΕΛΩΝΗ, 13. (Ρόϋτερ). — Ὁ ὅμηρος ποὺ εἶχε ἀπαχθεῖ ἀπελευθερώθηκε χθὲς μετὰ τὴν καταβολὴ λύτρων.
Μέ βούλευμα
22 Καστοριανοί παραπέμπονται νά δικασθούν στό τριμελές γιά τά επεισόδια του Οκτωβρίου
Κατά τόν άγώνα γιά τή μή επέκταση του προνομίου της γούνας.— Αντιμετωπίζουν τέσσερις κατηγορίες
ΕΦΘΑΣΕ ΣΤΟ ΡΙΑΝΤ ΟΙ ΙΣΡΑΗΛΙΝΟΙ ΑΦΗΣΑΝ ΕΛΕΥΘΕΡΟ ΤΟ ΣΑΟΥΔΑΡΑΒΙΚΟ ΜΕΤΑΓΓΙΚΟ
ΣΥΝΕΚΛΗΘΗ ΓΙΑ ΠΑΡΑΔΙΑΣΙ ΤΟΥ ΕΝΟΠΛΟΥ ΧΡΩΟΥ ΤΟΥΣ
ΡΙΑΝΤ, 13. (Ρόϋτερ). — Σαουδαραβικὸ στρατιωτικὸ ἀεροπλάνο ποὺ εἶχε ἀναγκασθεῖ νὰ προσγειωθεῖ στὸ Ἰσραὴλ ἔφθασε στὸ Ριάντ μετὰ τὴν ἀπελευθέρωσή του.
ΡΙΑΝΤ, 13. (Ρόϋτερ). — Σαουδαραβικὸ στρατιωτικὸ ἀεροπλάνο ποὺ εἶχε ἀναγκασθεῖ νὰ προσγειωθεῖ στὸ Ἰσραὴλ ἔφθασε στὸ Ριάντ μετὰ τὴν ἀπελευθέρωσή του.
ΣΥΝΕΡΧΕΤΑΙ ΑΥΡΙΟ ΚΟΙΝΟΒΟΥΛΕΥΤΙΚΗ ΟΜΑΔΑ ΤΗΣ ΕΔΗΚ
ΑΘΗΝΑΙ, 13. — Ἡ κοινοβουλευτικὴ ὁμάδα τῆς ΕΔΗΚ συνέρχεται αὔριο στὴ Βουλὴ γιὰ τὴ συζήτηση τῶν τρεχόντων πολιτικῶν θεμάτων.
ΕΙΔΙΚΗ ΟΜΙΛΙΑ ΓΙΑ ΤΗΝ ΕΛΛΗΝΙΔΑ ΑΓΡΟΤΙΣΣΑ
ΑΘΗΝΑΙ, 13. — «Ἡ Ἑλληνίδα ἀγρότισσα» εἶναι τὸ θέμα εἰδικῆς ὁμιλίας ποὺ θὰ γίνει στὴν αἴθουσα τοῦ Πνευματικοῦ Κέντρου.
ΑΘΗΝΑΙ, 13. — «Ἡ Ἑλληνίδα ἀγρότισσα» εἶναι τὸ θέμα εἰδικῆς ὁμιλίας ποὺ θὰ γίνει στὴν αἴθουσα τοῦ Πνευματικοῦ Κέντρου.
Μὲ βούλευμα τοῦ Συμβουλίου Ἐφετῶν παραπέμπονται νὰ δικασθοῦν στὸ τριμελὲς πλημμελειοδικεῖο 22 κάτοικοι τῆς Καστοριᾶς γιὰ τὰ ἐπεισόδια τοῦ Ὀκτωβρίου.
Μὲ βούλευμα τοῦ Συμβουλίου Ἐφετῶν παραπέμπονται νὰ δικασθοῦν στὸ τριμελὲς πλημμελειοδικεῖο 22 κάτοικοι τῆς Καστοριᾶς γιὰ τὰ ἐπεισόδια τοῦ Ὀκτωβρίου.
Μὲ βούλευμα τοῦ Συμβουλίου Ἐφετῶν παραπέμπονται νὰ δικασθοῦν στὸ τριμελὲς πλημμελειοδικεῖο 22 κάτοικοι τῆς Καστοριᾶς γιὰ τὰ ἐπεισόδια τοῦ Ὀκτωβρίου.
Μὲ βούλευμα τοῦ Συμβουλίου Ἐφετῶν παραπέμπονται νὰ δικασθοῦν στὸ τριμελὲς πλημμελειοδικεῖο 22 κάτοικοι τῆς Καστοριᾶς γιὰ τὰ ἐπεισόδια τοῦ Ὀκτωβρίου.
Μὲ βούλευμα τοῦ Συμβουλίου Ἐφετῶν παραπέμπονται νὰ δικασθοῦν στὸ τριμελὲς πλημμελειοδικεῖο 22 κάτοικοι τῆς Καστοριᾶς γιὰ τὰ ἐπεισόδια τοῦ Ὀκτωβρίου.
Μὲ βούλευμα τοῦ Συμβουλίου Ἐφετῶν παραπέμπονται νὰ δικασθοῦν στὸ τριμελὲς πλημμελειοδικεῖο 22 κάτοικοι τῆς Καστοριᾶς γιὰ τὰ ἐπεισόδια τοῦ Ὀκτωβρίου.
Μὲ βούλευμα τοῦ Συμβουλίου Ἐφετῶν παραπέμπονται νὰ δικασθοῦν στὸ τριμελὲς πλημμελειοδικεῖο 22 κάτοικοι τῆς Καστοριᾶς γιὰ τὰ ἐπεισόδια τοῦ Ὀκτωβρίου.
Από άγνωστους μέχρι τώρα δράστες
Απέτυχε στό Τσάντ άπόπειρα δολοφονίας του προέδρου του κατά τη διάρκεια παρελάσεως
Δύο άτομα σκοτώθηκαν, 70 τραυματίσθηκαν άπό χειροβομβίδες πού έρρίφθησαν άνάμεσα στό πλήθος
Ν' ΤΖΑΜΕΝΑ, Τσάντ, 13. (Ἀσ. Πρές). — Κατὰ τὴ διάρκεια στρατιωτικῆς παρελάσεως ἄγνωστοι ἔρριξαν χειροβομβίδες κατὰ τῆς ἐξέδρας τοῦ προέδρου. Δύο ἄτομα σκοτώθηκαν καὶ 70 τραυματίσθηκαν.
Ν' ΤΖΑΜΕΝΑ, Τσάντ, 13. (Ἀσ. Πρές). — Κατὰ τὴ διάρκεια στρατιωτικῆς παρελάσεως ἄγνωστοι ἔρριξαν χειροβομβίδες κατὰ τῆς ἐξέδρας τοῦ προέδρου. Δύο ἄτομα σκοτώθηκαν καὶ 70 τραυματίσθηκαν.
